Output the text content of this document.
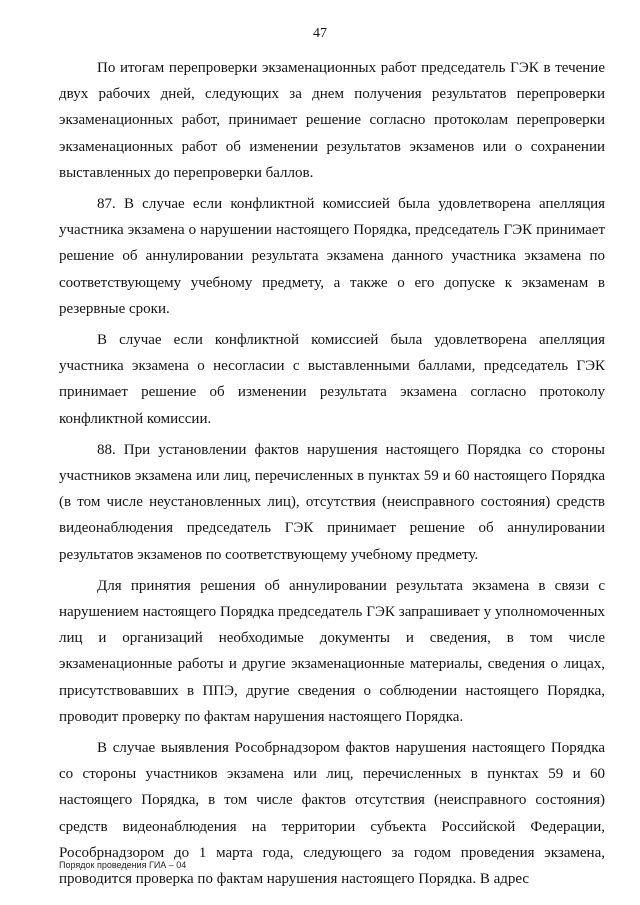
47

По итогам перепроверки экзаменационных работ председатель ГЭК в течение двух рабочих дней, следующих за днем получения результатов перепроверки экзаменационных работ, принимает решение согласно протоколам перепроверки экзаменационных работ об изменении результатов экзаменов или о сохранении выставленных до перепроверки баллов.

87. В случае если конфликтной комиссией была удовлетворена апелляция участника экзамена о нарушении настоящего Порядка, председатель ГЭК принимает решение об аннулировании результата экзамена данного участника экзамена по соответствующему учебному предмету, а также о его допуске к экзаменам в резервные сроки.

В случае если конфликтной комиссией была удовлетворена апелляция участника экзамена о несогласии с выставленными баллами, председатель ГЭК принимает решение об изменении результата экзамена согласно протоколу конфликтной комиссии.

88. При установлении фактов нарушения настоящего Порядка со стороны участников экзамена или лиц, перечисленных в пунктах 59 и 60 настоящего Порядка (в том числе неустановленных лиц), отсутствия (неисправного состояния) средств видеонаблюдения председатель ГЭК принимает решение об аннулировании результатов экзаменов по соответствующему учебному предмету.

Для принятия решения об аннулировании результата экзамена в связи с нарушением настоящего Порядка председатель ГЭК запрашивает у уполномоченных лиц и организаций необходимые документы и сведения, в том числе экзаменационные работы и другие экзаменационные материалы, сведения о лицах, присутствовавших в ППЭ, другие сведения о соблюдении настоящего Порядка, проводит проверку по фактам нарушения настоящего Порядка.

В случае выявления Рособрнадзором фактов нарушения настоящего Порядка со стороны участников экзамена или лиц, перечисленных в пунктах 59 и 60 настоящего Порядка, в том числе фактов отсутствия (неисправного состояния) средств видеонаблюдения на территории субъекта Российской Федерации, Рособрнадзором до 1 марта года, следующего за годом проведения экзамена, проводится проверка по фактам нарушения настоящего Порядка. В адрес

Порядок проведения ГИА – 04
